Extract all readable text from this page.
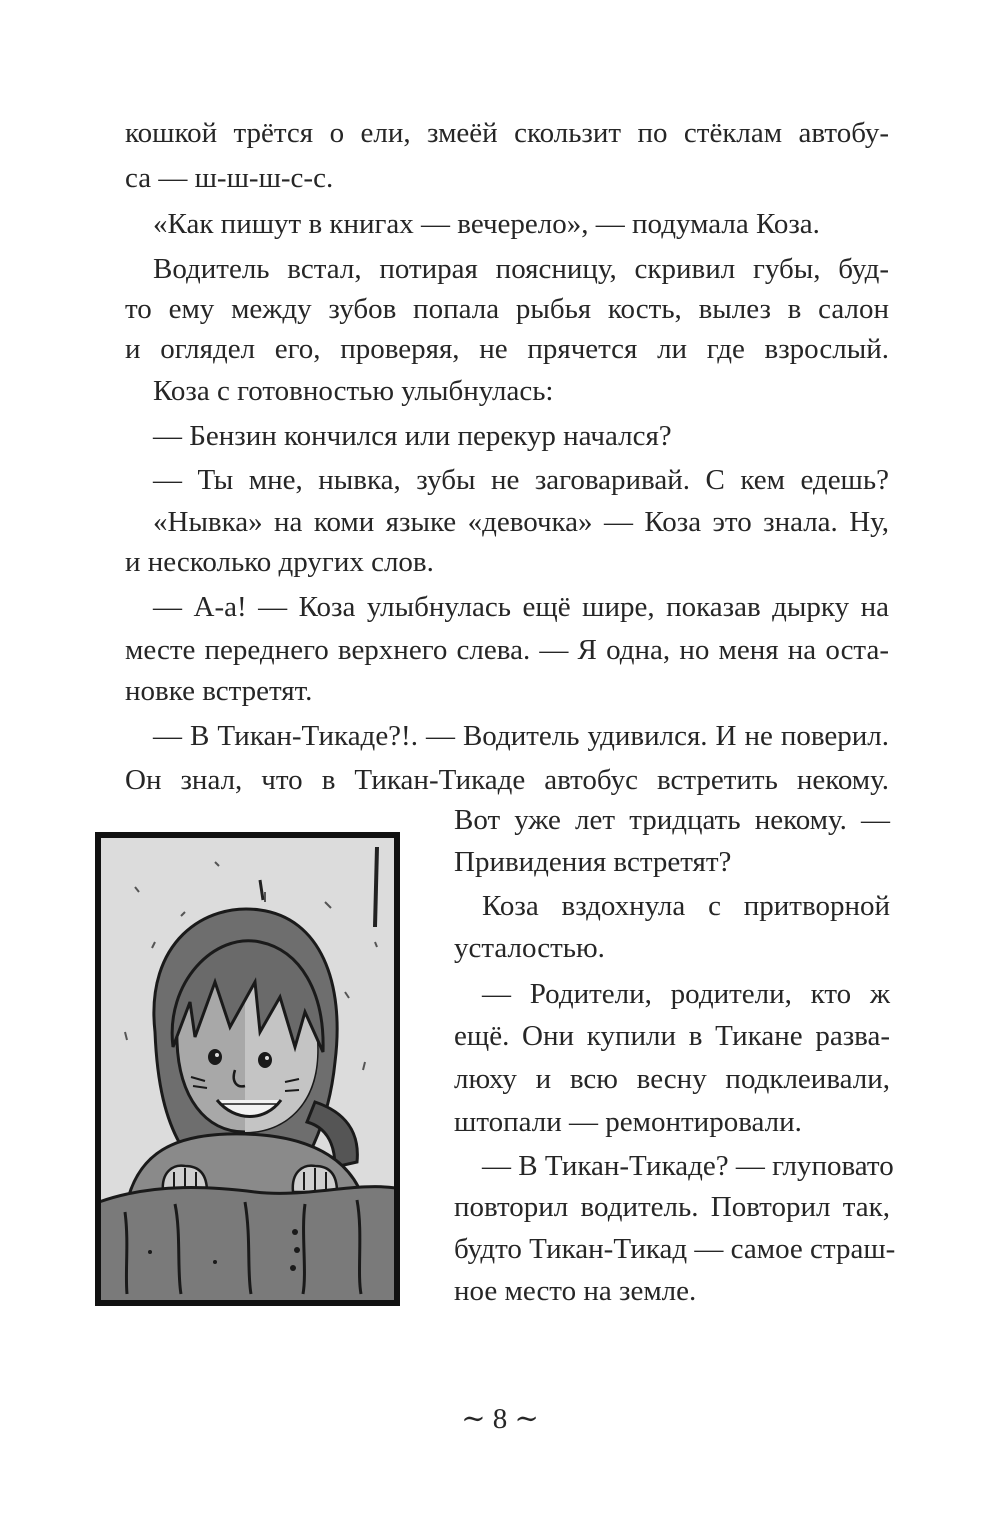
кошкой трётся о ели, змеёй скользит по стёклам автобу-
са — ш-ш-ш-с-с.
«Как пишут в книгах — вечерело», — подумала Коза.
Водитель встал, потирая поясницу, скривил губы, буд-
то ему между зубов попала рыбья кость, вылез в салон
и оглядел его, проверяя, не прячется ли где взрослый.
Коза с готовностью улыбнулась:
— Бензин кончился или перекур начался?
— Ты мне, нывка, зубы не заговаривай. С кем едешь?
«Нывка» на коми языке «девочка» — Коза это знала. Ну,
и несколько других слов.
— А-а! — Коза улыбнулась ещё шире, показав дырку на
месте переднего верхнего слева. — Я одна, но меня на оста-
новке встретят.
— В Тикан-Тикаде?!. — Водитель удивился. И не поверил.
Он знал, что в Тикан-Тикаде автобус встретить некому.
Вот уже лет тридцать некому. —
Привидения встретят?
Коза вздохнула с притворной
усталостью.
— Родители, родители, кто ж
ещё. Они купили в Тикане разва-
люху и всю весну подклеивали,
штопали — ремонтировали.
— В Тикан-Тикаде? — глуповато
повторил водитель. Повторил так,
будто Тикан-Тикад — самое страш-
ное место на земле.
∼ 8 ∼
